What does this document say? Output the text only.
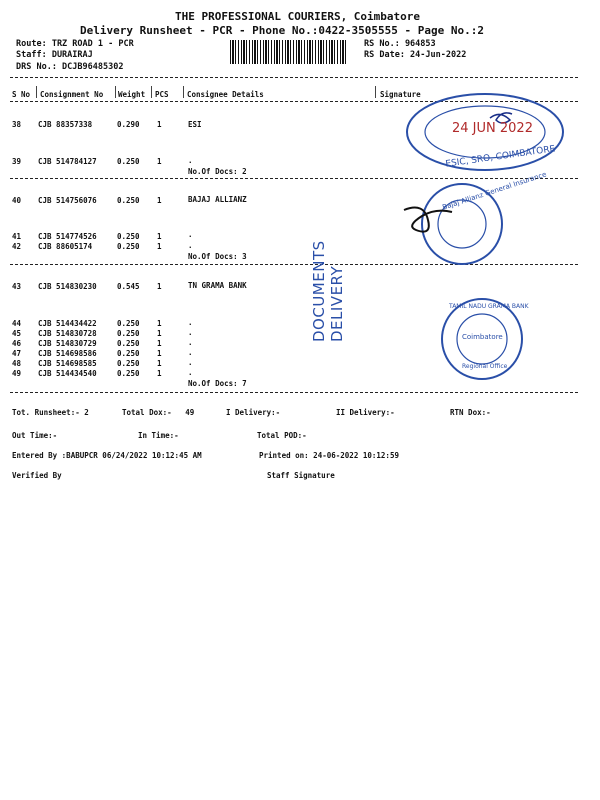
THE PROFESSIONAL COURIERS, Coimbatore
Delivery Runsheet - PCR - Phone No.:0422-3505555 - Page No.:2
Route: TRZ ROAD 1 - PCR
Staff: DURAIRAJ
DRS No.: DCJB96485302
RS No.: 964853
RS Date: 24-Jun-2022
S No Consignment No Weight PCS Consignee Details	Signature
38 CJB 88357338	0.290 1	ESI
39 CJB 514784127	0.250 1	.
No.Of Docs: 2
40 CJB 514756076	0.250 1	BAJAJ ALLIANZ
41 CJB 514774526	0.250 1	.
42 CJB 88605174	0.250 1	.
No.Of Docs: 3
43 CJB 514830230	0.545 1	TN GRAMA BANK
44 CJB 514434422	0.250 1	.
45 CJB 514830728	0.250 1	.
46 CJB 514830729	0.250 1	.
47 CJB 514698586	0.250 1	.
48 CJB 514698585	0.250 1	.
49 CJB 514434540	0.250 1	.
No.Of Docs: 7
DOCUMENTS DELIVERY
24 JUN 2022
ESIC, SRO, COIMBATORE
Bajaj Allianz General Insurance
TAMIL NADU GRAMA BANK
Coimbatore
Regional Office
Tot. Runsheet:- 2	Total Dox:-   49	I Delivery:-	II Delivery:-	RTN Dox:-
Out Time:-	In Time:-	Total POD:-
Entered By :BABUPCR 06/24/2022 10:12:45 AM	Printed on: 24-06-2022 10:12:59
Verified By	Staff Signature
